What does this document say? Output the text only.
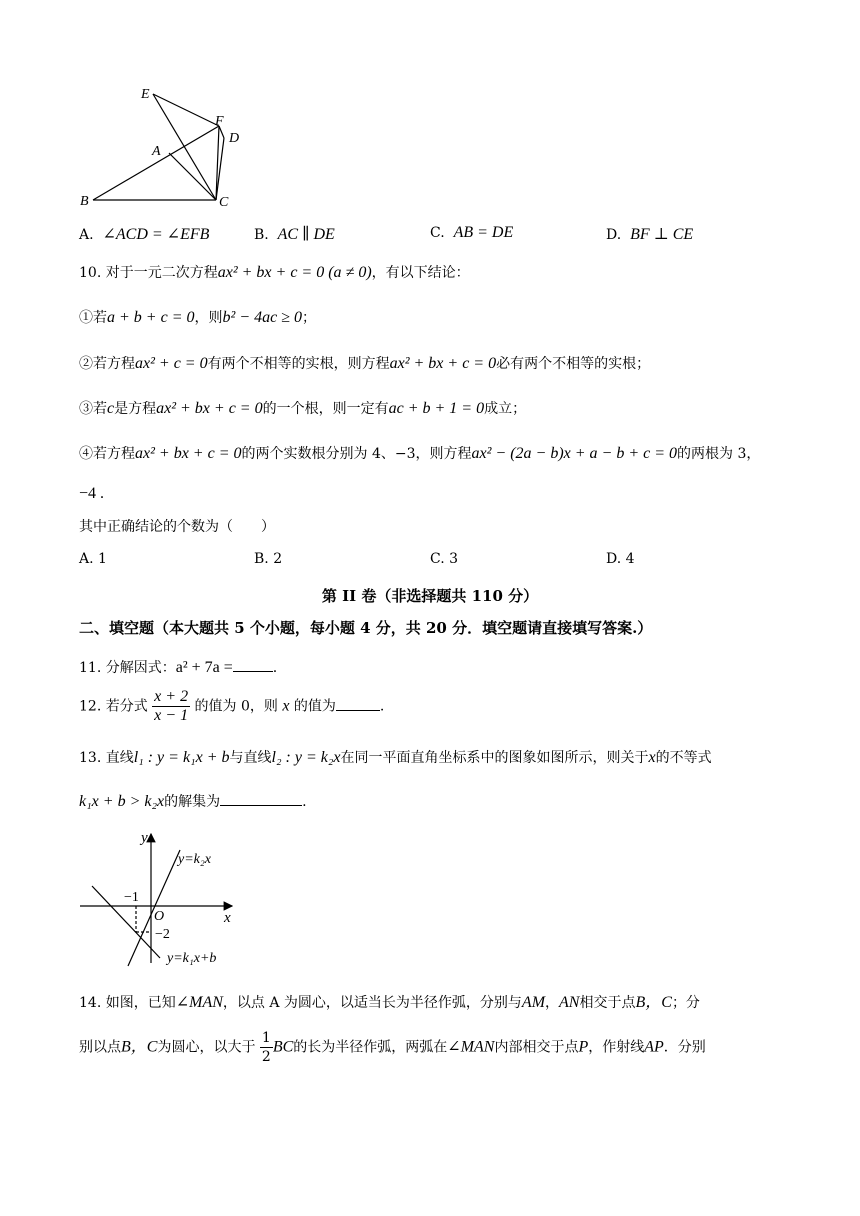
E
F
D
A
B	C
A. ∠ACD = ∠EFB	B. AC ∥ DE	C. AB = DE	D. BF ⊥ CE
10. 对于一元二次方程ax² + bx + c = 0 (a ≠ 0)，有以下结论：
①若a + b + c = 0，则b² − 4ac ≥ 0；
②若方程ax² + c = 0有两个不相等的实根，则方程ax² + bx + c = 0必有两个不相等的实根；
③若c是方程ax² + bx + c = 0的一个根，则一定有ac + b + 1 = 0成立；
④若方程ax² + bx + c = 0的两个实数根分别为 4、−3，则方程ax² − (2a − b)x + a − b + c = 0的两根为 3，
−4 .
其中正确结论的个数为（　　）
A. 1	B. 2	C. 3	D. 4
第 II 卷（非选择题共 110 分）
二、填空题（本大题共 5 个小题，每小题 4 分，共 20 分．填空题请直接填写答案.）
11. 分解因式：a² + 7a =	.
12. 若分式 $\frac{x + 2}{x - 1}$ 的值为 0，则 x 的值为	.
13. 直线l₁ : y = k₁x + b与直线l₂ : y = k₂x在同一平面直角坐标系中的图象如图所示，则关于x的不等式
k₁x + b > k₂x的解集为	.
y
x
O
−1
−2
y=k₂x
y=k₁x+b
14. 如图，已知∠MAN，以点 A 为圆心，以适当长为半径作弧，分别与AM，AN相交于点B，C；分
别以点B，C为圆心，以大于 $\frac{1}{2}$ BC的长为半径作弧，两弧在∠MAN内部相交于点P，作射线AP．分别
